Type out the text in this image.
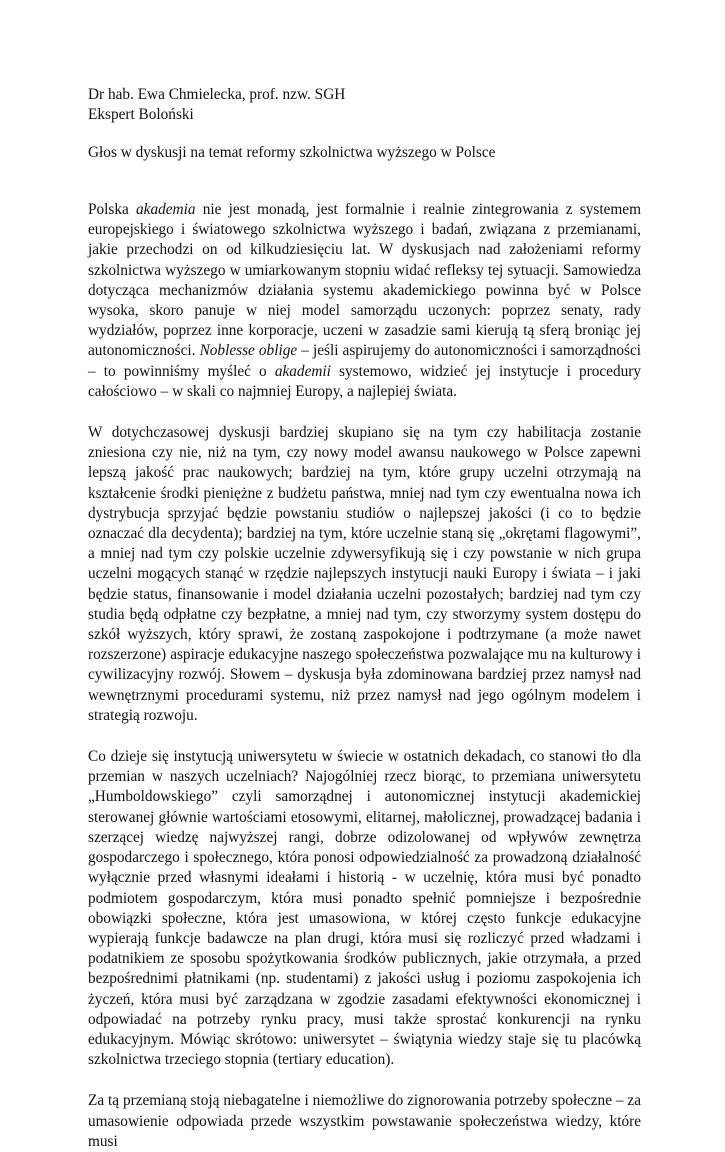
Dr hab. Ewa Chmielecka, prof. nzw. SGH

Ekspert Boloński

Głos w dyskusji na temat reformy szkolnictwa wyższego w Polsce

Polska akademia nie jest monadą, jest formalnie i realnie zintegrowania z systemem europejskiego i światowego szkolnictwa wyższego i badań, związana z przemianami, jakie przechodzi on od kilkudziesięciu lat. W dyskusjach nad założeniami reformy szkolnictwa wyższego w umiarkowanym stopniu widać refleksy tej sytuacji. Samowiedza dotycząca mechanizmów działania systemu akademickiego powinna być w Polsce wysoka, skoro panuje w niej model samorządu uczonych: poprzez senaty, rady wydziałów, poprzez inne korporacje, uczeni w zasadzie sami kierują tą sferą broniąc jej autonomiczności. Noblesse oblige – jeśli aspirujemy do autonomiczności i samorządności – to powinniśmy myśleć o akademii systemowo, widzieć jej instytucje i procedury całościowo – w skali co najmniej Europy, a najlepiej świata.

W dotychczasowej dyskusji bardziej skupiano się na tym czy habilitacja zostanie zniesiona czy nie, niż na tym, czy nowy model awansu naukowego w Polsce zapewni lepszą jakość prac naukowych; bardziej na tym, które grupy uczelni otrzymają na kształcenie środki pieniężne z budżetu państwa, mniej nad tym czy ewentualna nowa ich dystrybucja sprzyjać będzie powstaniu studiów o najlepszej jakości (i co to będzie oznaczać dla decydenta); bardziej na tym, które uczelnie staną się „okrętami flagowymi”, a mniej nad tym czy polskie uczelnie zdywersyfikują się i czy powstanie w nich grupa uczelni mogących stanąć w rzędzie najlepszych instytucji nauki Europy i świata – i jaki będzie status, finansowanie i model działania uczelni pozostałych; bardziej nad tym czy studia będą odpłatne czy bezpłatne, a mniej nad tym, czy stworzymy system dostępu do szkół wyższych, który sprawi, że zostaną zaspokojone i podtrzymane (a może nawet rozszerzone) aspiracje edukacyjne naszego społeczeństwa pozwalające mu na kulturowy i cywilizacyjny rozwój. Słowem – dyskusja była zdominowana bardziej przez namysł nad wewnętrznymi procedurami systemu, niż przez namysł nad jego ogólnym modelem i strategią rozwoju.

Co dzieje się instytucją uniwersytetu w świecie w ostatnich dekadach, co stanowi tło dla przemian w naszych uczelniach? Najogólniej rzecz biorąc, to przemiana uniwersytetu „Humboldowskiego” czyli samorządnej i autonomicznej instytucji akademickiej sterowanej głównie wartościami etosowymi, elitarnej, małolicznej, prowadzącej badania i szerzącej wiedzę najwyższej rangi, dobrze odizolowanej od wpływów zewnętrza gospodarczego i społecznego, która ponosi odpowiedzialność za prowadzoną działalność wyłącznie przed własnymi ideałami i historią - w uczelnię, która musi być ponadto podmiotem gospodarczym, która musi ponadto spełnić pomniejsze i bezpośrednie obowiązki społeczne, która jest umasowiona, w której często funkcje edukacyjne wypierają funkcje badawcze na plan drugi, która musi się rozliczyć przed władzami i podatnikiem ze sposobu spożytkowania środków publicznych, jakie otrzymała, a przed bezpośrednimi płatnikami (np. studentami) z jakości usług i poziomu zaspokojenia ich życzeń, która musi być zarządzana w zgodzie zasadami efektywności ekonomicznej i odpowiadać na potrzeby rynku pracy, musi także sprostać konkurencji na rynku edukacyjnym. Mówiąc skrótowo: uniwersytet – świątynia wiedzy staje się tu placówką szkolnictwa trzeciego stopnia (tertiary education).

Za tą przemianą stoją niebagatelne i niemożliwe do zignorowania potrzeby społeczne – za umasowienie odpowiada przede wszystkim powstawanie społeczeństwa wiedzy, które musi
